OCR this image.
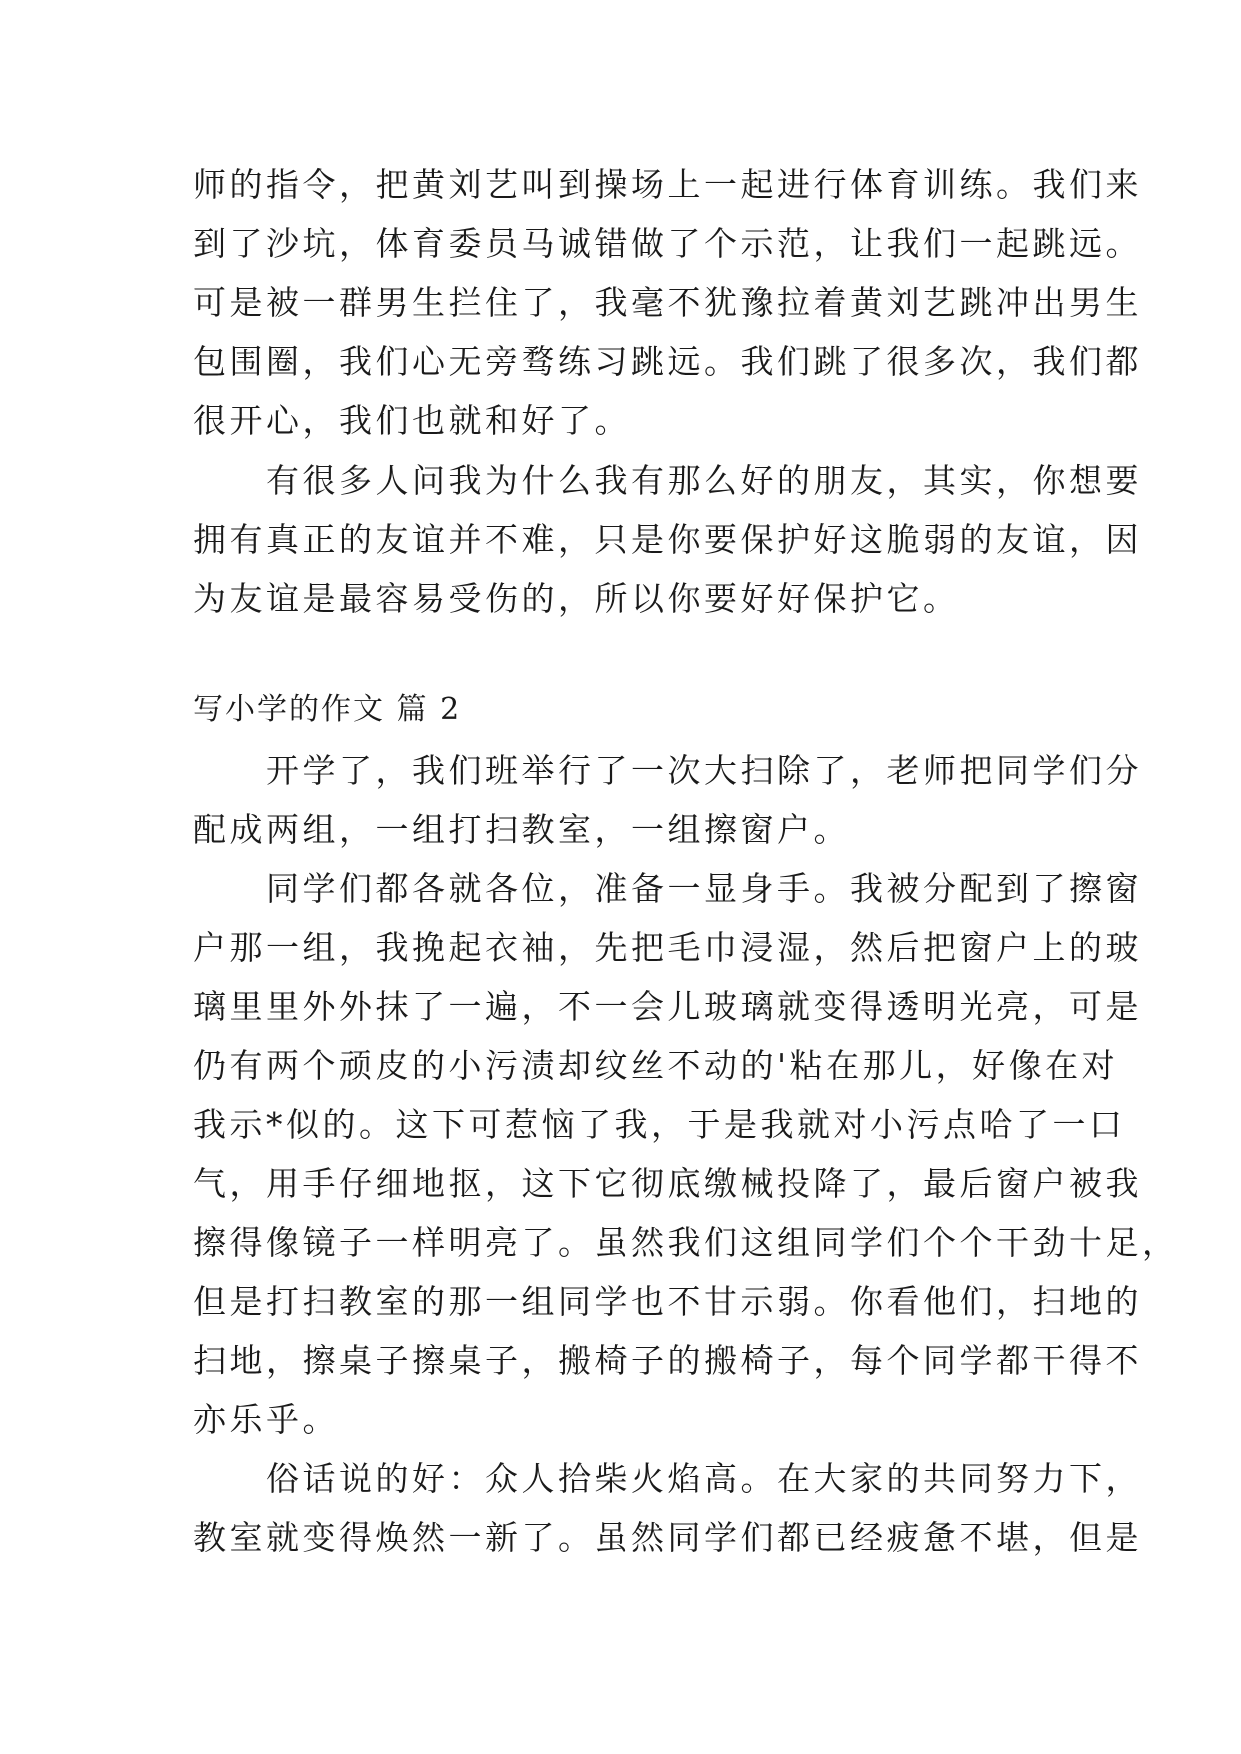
师的指令，把黄刘艺叫到操场上一起进行体育训练。我们来
到了沙坑，体育委员马诚错做了个示范，让我们一起跳远。
可是被一群男生拦住了，我毫不犹豫拉着黄刘艺跳冲出男生
包围圈，我们心无旁骛练习跳远。我们跳了很多次，我们都
很开心，我们也就和好了。
　　有很多人问我为什么我有那么好的朋友，其实，你想要
拥有真正的友谊并不难，只是你要保护好这脆弱的友谊，因
为友谊是最容易受伤的，所以你要好好保护它。
写小学的作文 篇 2
　　开学了，我们班举行了一次大扫除了，老师把同学们分
配成两组，一组打扫教室，一组擦窗户。
　　同学们都各就各位，准备一显身手。我被分配到了擦窗
户那一组，我挽起衣袖，先把毛巾浸湿，然后把窗户上的玻
璃里里外外抹了一遍，不一会儿玻璃就变得透明光亮，可是
仍有两个顽皮的小污渍却纹丝不动的'粘在那儿，好像在对
我示*似的。这下可惹恼了我，于是我就对小污点哈了一口
气，用手仔细地抠，这下它彻底缴械投降了，最后窗户被我
擦得像镜子一样明亮了。虽然我们这组同学们个个干劲十足，
但是打扫教室的那一组同学也不甘示弱。你看他们，扫地的
扫地，擦桌子擦桌子，搬椅子的搬椅子，每个同学都干得不
亦乐乎。
　　俗话说的好：众人拾柴火焰高。在大家的共同努力下，
教室就变得焕然一新了。虽然同学们都已经疲惫不堪，但是
